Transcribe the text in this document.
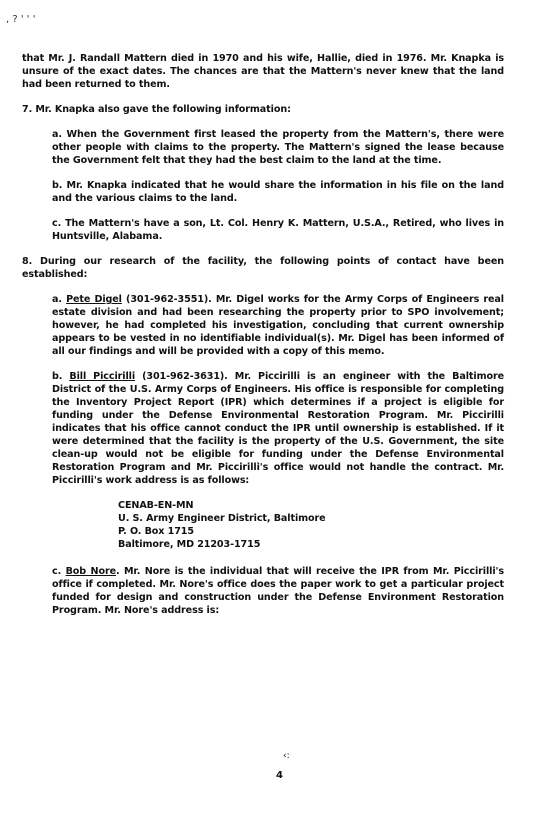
, ? ' ' '

that Mr. J. Randall Mattern died in 1970 and his wife, Hallie, died in 1976. Mr. Knapka is unsure of the exact dates. The chances are that the Mattern's never knew that the land had been returned to them.

7. Mr. Knapka also gave the following information:

a. When the Government first leased the property from the Mattern's, there were other people with claims to the property. The Mattern's signed the lease because the Government felt that they had the best claim to the land at the time.

b. Mr. Knapka indicated that he would share the information in his file on the land and the various claims to the land.

c. The Mattern's have a son, Lt. Col. Henry K. Mattern, U.S.A., Retired, who lives in Huntsville, Alabama.

8. During our research of the facility, the following points of contact have been established:

a. Pete Digel (301-962-3551). Mr. Digel works for the Army Corps of Engineers real estate division and had been researching the property prior to SPO involvement; however, he had completed his investigation, concluding that current ownership appears to be vested in no identifiable individual(s). Mr. Digel has been informed of all our findings and will be provided with a copy of this memo.

b. Bill Piccirilli (301-962-3631). Mr. Piccirilli is an engineer with the Baltimore District of the U.S. Army Corps of Engineers. His office is responsible for completing the Inventory Project Report (IPR) which determines if a project is eligible for funding under the Defense Environmental Restoration Program. Mr. Piccirilli indicates that his office cannot conduct the IPR until ownership is established. If it were determined that the facility is the property of the U.S. Government, the site clean-up would not be eligible for funding under the Defense Environmental Restoration Program and Mr. Piccirilli's office would not handle the contract. Mr. Piccirilli's work address is as follows:

CENAB-EN-MN
U. S. Army Engineer District, Baltimore
P. O. Box 1715
Baltimore, MD 21203-1715

c. Bob Nore. Mr. Nore is the individual that will receive the IPR from Mr. Piccirilli's office if completed. Mr. Nore's office does the paper work to get a particular project funded for design and construction under the Defense Environment Restoration Program. Mr. Nore's address is:

‹:
4
